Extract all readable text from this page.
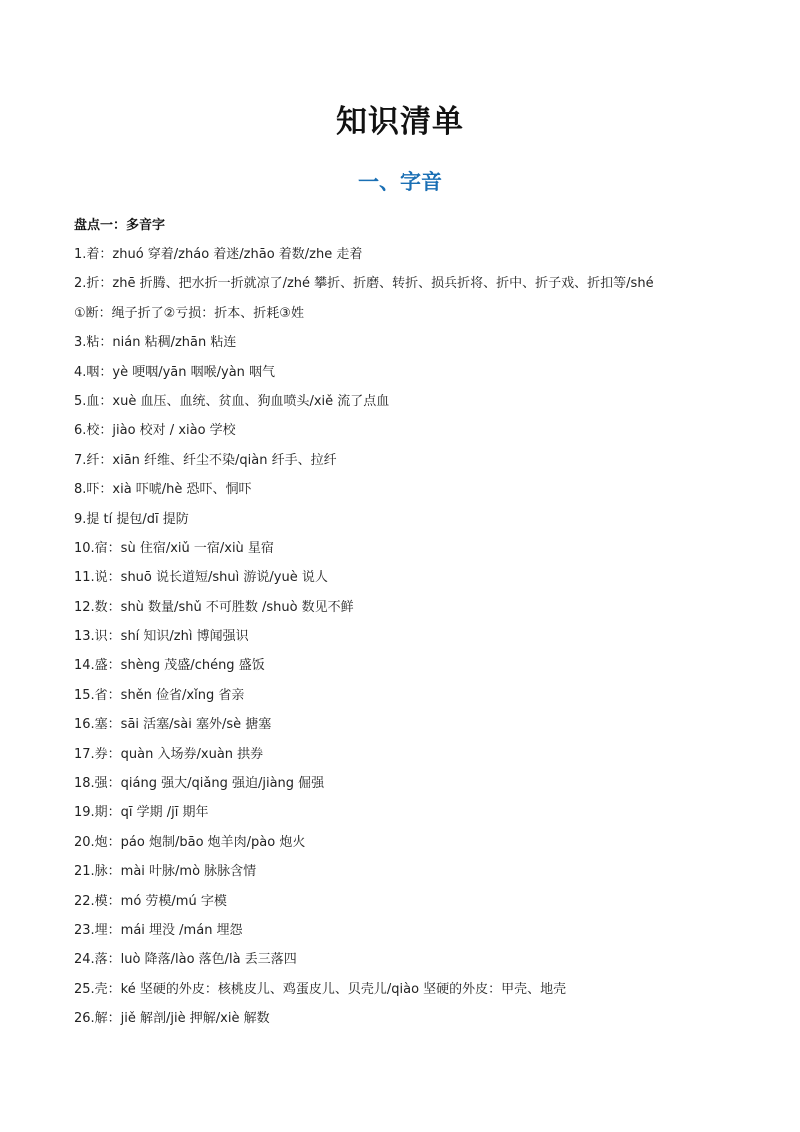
知识清单
一、字音
盘点一：多音字
1.着：zhuó 穿着/zháo 着迷/zhāo 着数/zhe 走着
2.折：zhē 折腾、把水折一折就凉了/zhé 攀折、折磨、转折、损兵折将、折中、折子戏、折扣等/shé
①断：绳子折了②亏损：折本、折耗③姓
3.粘：nián 粘稠/zhān 粘连
4.咽：yè 哽咽/yān 咽喉/yàn 咽气
5.血：xuè 血压、血统、贫血、狗血喷头/xiě 流了点血
6.校：jiào 校对 / xiào 学校
7.纤：xiān 纤维、纤尘不染/qiàn 纤手、拉纤
8.吓：xià 吓唬/hè 恐吓、恫吓
9.提 tí 提包/dī 提防
10.宿：sù 住宿/xiǔ 一宿/xiù 星宿
11.说：shuō 说长道短/shuì 游说/yuè 说人
12.数：shù 数量/shǔ 不可胜数 /shuò 数见不鲜
13.识：shí 知识/zhì 博闻强识
14.盛：shèng 茂盛/chéng 盛饭
15.省：shěn 俭省/xǐng 省亲
16.塞：sāi 活塞/sài 塞外/sè 搪塞
17.券：quàn 入场券/xuàn 拱券
18.强：qiáng 强大/qiǎng 强迫/jiàng 倔强
19.期：qī 学期 /jī 期年
20.炮：páo 炮制/bāo 炮羊肉/pào 炮火
21.脉：mài 叶脉/mò 脉脉含情
22.模：mó 劳模/mú 字模
23.埋：mái 埋没 /mán 埋怨
24.落：luò 降落/lào 落色/là 丢三落四
25.壳：ké 坚硬的外皮：核桃皮儿、鸡蛋皮儿、贝壳儿/qiào 坚硬的外皮：甲壳、地壳
26.解：jiě 解剖/jiè 押解/xiè 解数
